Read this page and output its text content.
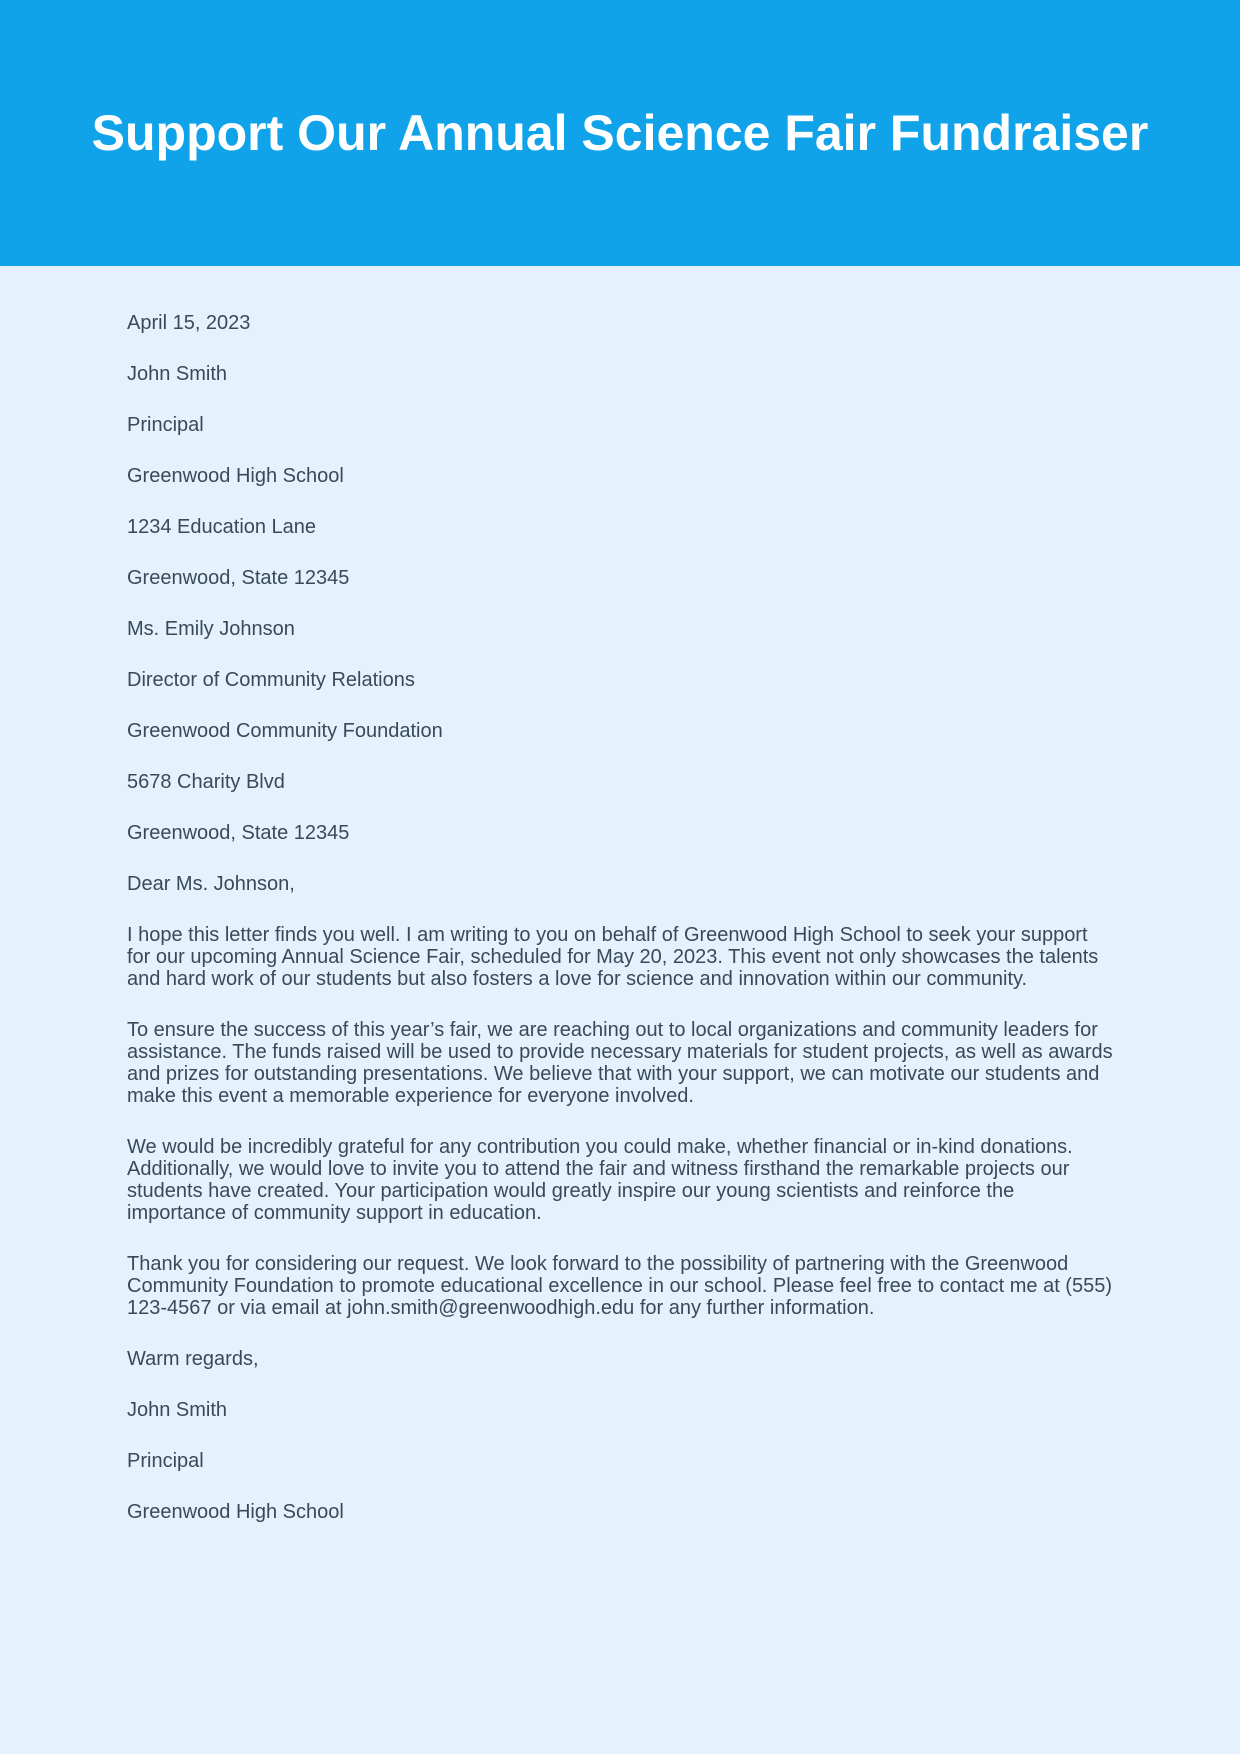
Support Our Annual Science Fair Fundraiser

April 15, 2023

John Smith

Principal

Greenwood High School

1234 Education Lane

Greenwood, State 12345

Ms. Emily Johnson

Director of Community Relations

Greenwood Community Foundation

5678 Charity Blvd

Greenwood, State 12345

Dear Ms. Johnson,

I hope this letter finds you well. I am writing to you on behalf of Greenwood High School to seek your support for our upcoming Annual Science Fair, scheduled for May 20, 2023. This event not only showcases the talents and hard work of our students but also fosters a love for science and innovation within our community.

To ensure the success of this year’s fair, we are reaching out to local organizations and community leaders for assistance. The funds raised will be used to provide necessary materials for student projects, as well as awards and prizes for outstanding presentations. We believe that with your support, we can motivate our students and make this event a memorable experience for everyone involved.

We would be incredibly grateful for any contribution you could make, whether financial or in-kind donations. Additionally, we would love to invite you to attend the fair and witness firsthand the remarkable projects our students have created. Your participation would greatly inspire our young scientists and reinforce the importance of community support in education.

Thank you for considering our request. We look forward to the possibility of partnering with the Greenwood Community Foundation to promote educational excellence in our school. Please feel free to contact me at (555) 123-4567 or via email at john.smith@greenwoodhigh.edu for any further information.

Warm regards,

John Smith

Principal

Greenwood High School
